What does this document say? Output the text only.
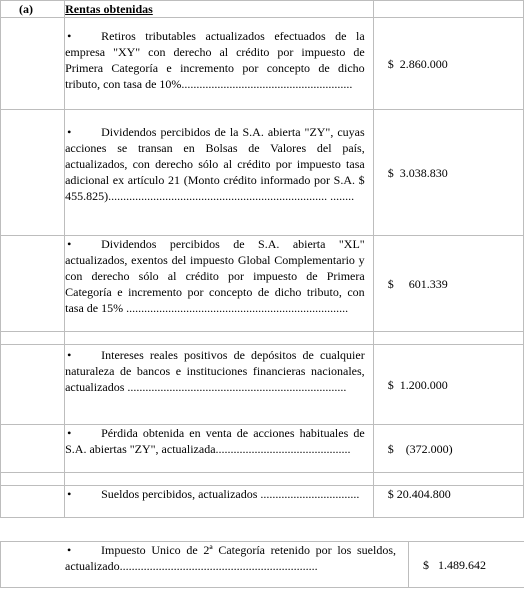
(a)	Rentas obtenidas	

	• Retiros tributables actualizados efectuados de la empresa "XY" con derecho al crédito por impuesto de Primera Categoría e incremento por concepto de dicho tributo, con tasa de 10%.........................................................	$  2.860.000

	• Dividendos percibidos de la S.A. abierta "ZY", cuyas acciones se transan en Bolsas de Valores del país, actualizados, con derecho sólo al crédito por impuesto tasa adicional ex artículo 21 (Monto crédito informado por S.A. $ 455.825)......................................................................... ........	$  3.038.830

	• Dividendos percibidos de S.A. abierta "XL" actualizados, exentos del impuesto Global Complementario y con derecho sólo al crédito por impuesto de Primera Categoría e incremento por concepto de dicho tributo, con tasa de 15% ..........................................................................	$     601.339

	• Intereses reales positivos de depósitos de cualquier naturaleza de bancos e instituciones financieras nacionales, actualizados .........................................................................	$  1.200.000

	• Pérdida obtenida en venta de acciones habituales de S.A. abiertas "ZY", actualizada.............................................	$    (372.000)

	• Sueldos percibidos, actualizados .................................	$ 20.404.800
• Impuesto Unico de 2ª Categoría retenido por los sueldos, actualizado..................................................................	$   1.489.642
